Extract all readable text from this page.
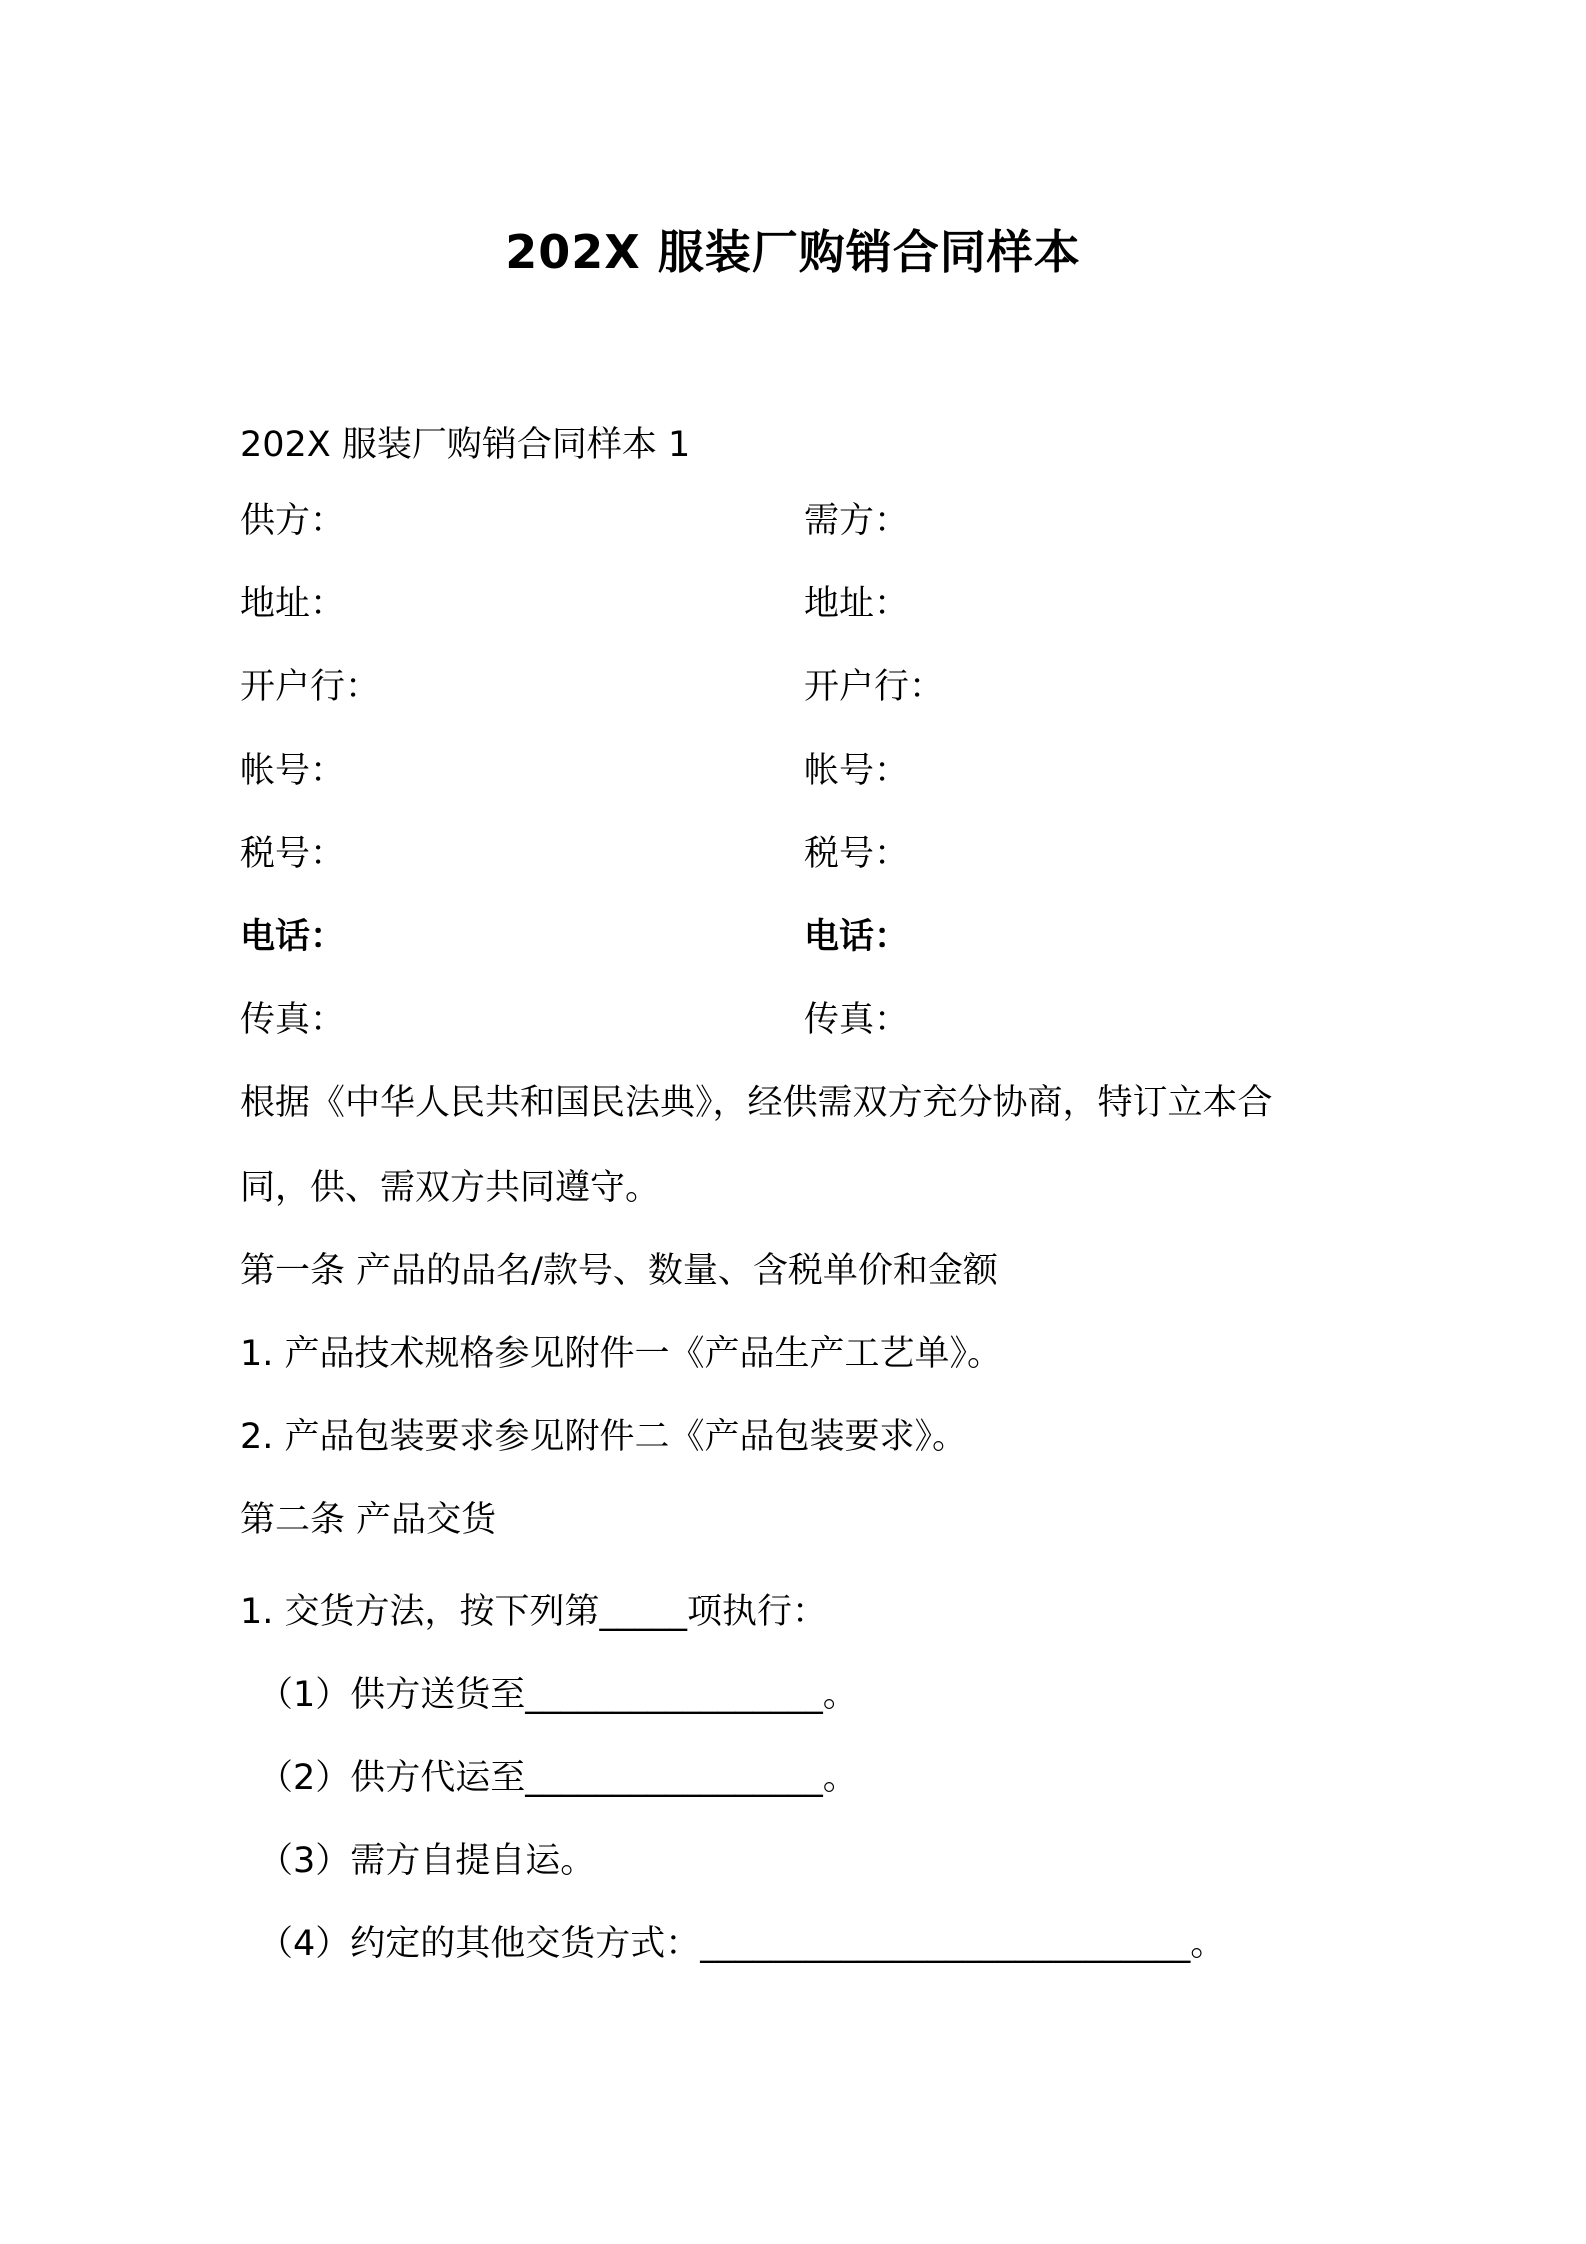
202X 服装厂购销合同样本
202X 服装厂购销合同样本 1
供方：
地址：
开户行：
帐号：
税号：
电话：
传真：
需方：
地址：
开户行：
帐号：
税号：
电话：
传真：
根据《中华人民共和国民法典》，经供需双方充分协商，特订立本合
同，供、需双方共同遵守。
第一条 产品的品名/款号、数量、含税单价和金额
1. 产品技术规格参见附件一《产品生产工艺单》。
2. 产品包装要求参见附件二《产品包装要求》。
第二条 产品交货
1. 交货方法，按下列第_____项执行：
（1）供方送货至_________________。
（2）供方代运至_________________。
（3）需方自提自运。
（4）约定的其他交货方式：____________________________。
